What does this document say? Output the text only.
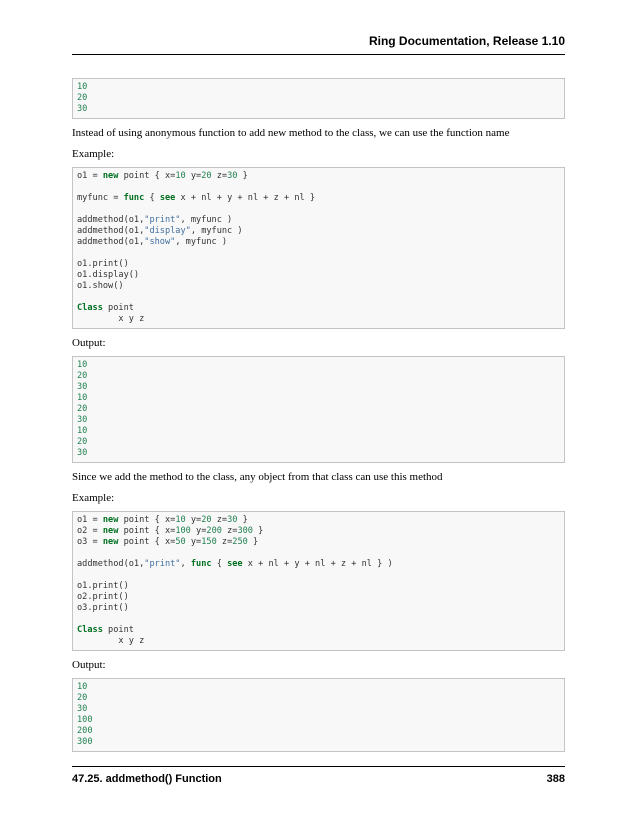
Ring Documentation, Release 1.10
10
20
30

Instead of using anonymous function to add new method to the class, we can use the function name

Example:

o1 = new point { x=10 y=20 z=30 }

myfunc = func { see x + nl + y + nl + z + nl }

addmethod(o1,"print", myfunc )
addmethod(o1,"display", myfunc )
addmethod(o1,"show", myfunc )

o1.print()
o1.display()
o1.show()

Class point
x y z

Output:

10
20
30
10
20
30
10
20
30

Since we add the method to the class, any object from that class can use this method

Example:

o1 = new point { x=10 y=20 z=30 }
o2 = new point { x=100 y=200 z=300 }
o3 = new point { x=50 y=150 z=250 }

addmethod(o1,"print", func { see x + nl + y + nl + z + nl } )

o1.print()
o2.print()
o3.print()

Class point
x y z

Output:

10
20
30
100
200
300
47.25. addmethod() Function	388
